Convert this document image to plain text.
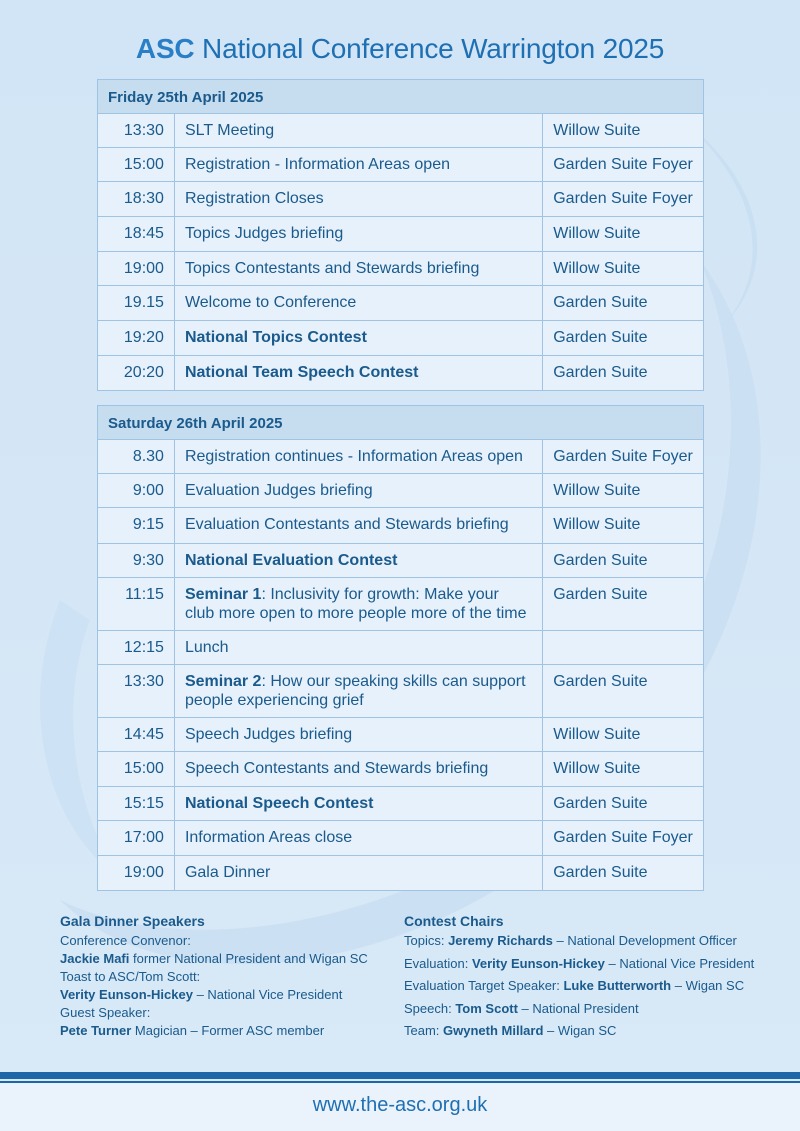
ASC National Conference Warrington 2025
Friday 25th April 2025		
13:30	SLT Meeting	Willow Suite
15:00	Registration - Information Areas open	Garden Suite Foyer
18:30	Registration Closes	Garden Suite Foyer
18:45	Topics Judges briefing	Willow Suite
19:00	Topics Contestants and Stewards briefing	Willow Suite
19.15	Welcome to Conference	Garden Suite
19:20	National Topics Contest	Garden Suite
20:20	National Team Speech Contest	Garden Suite
Saturday 26th April 2025		
8.30	Registration continues - Information Areas open	Garden Suite Foyer
9:00	Evaluation Judges briefing	Willow Suite
9:15	Evaluation Contestants and Stewards briefing	Willow Suite
9:30	National Evaluation Contest	Garden Suite
11:15	Seminar 1: Inclusivity for growth: Make your club more open to more people more of the time	Garden Suite
12:15	Lunch	
13:30	Seminar 2: How our speaking skills can support people experiencing grief	Garden Suite
14:45	Speech Judges briefing	Willow Suite
15:00	Speech Contestants and Stewards briefing	Willow Suite
15:15	National Speech Contest	Garden Suite
17:00	Information Areas close	Garden Suite Foyer
19:00	Gala Dinner	Garden Suite
Gala Dinner Speakers
Conference Convenor:
Jackie Mafi former National President and Wigan SC
Toast to ASC/Tom Scott:
Verity Eunson-Hickey – National Vice President
Guest Speaker:
Pete Turner Magician – Former ASC member
Contest Chairs
Topics: Jeremy Richards – National Development Officer
Evaluation: Verity Eunson-Hickey – National Vice President
Evaluation Target Speaker: Luke Butterworth – Wigan SC
Speech: Tom Scott – National President
Team: Gwyneth Millard – Wigan SC
www.the-asc.org.uk
